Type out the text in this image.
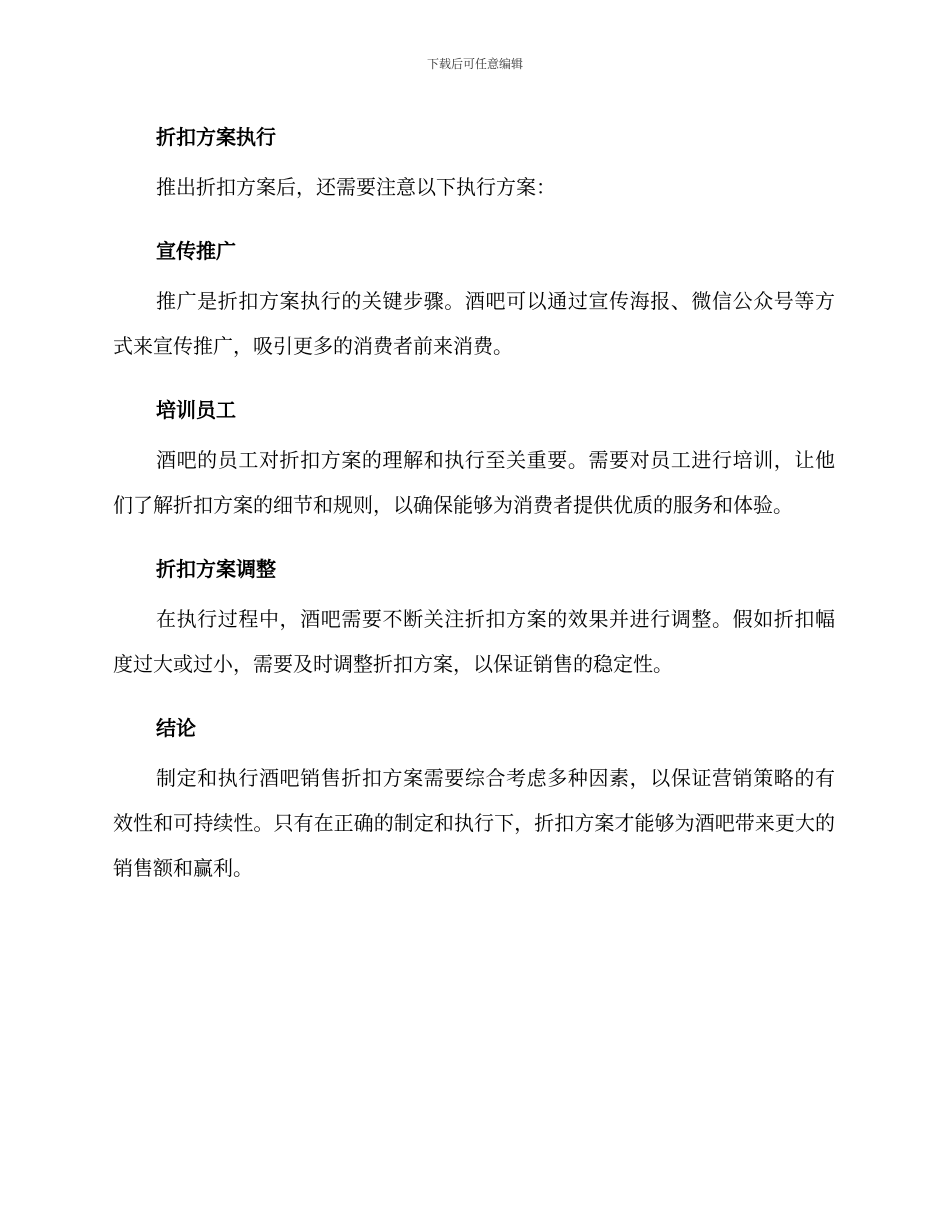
下载后可任意编辑
折扣方案执行

推出折扣方案后，还需要注意以下执行方案：

宣传推广

推广是折扣方案执行的关键步骤。酒吧可以通过宣传海报、微信公众号等方式来宣传推广，吸引更多的消费者前来消费。

培训员工

酒吧的员工对折扣方案的理解和执行至关重要。需要对员工进行培训，让他们了解折扣方案的细节和规则，以确保能够为消费者提供优质的服务和体验。

折扣方案调整

在执行过程中，酒吧需要不断关注折扣方案的效果并进行调整。假如折扣幅度过大或过小，需要及时调整折扣方案，以保证销售的稳定性。

结论

制定和执行酒吧销售折扣方案需要综合考虑多种因素，以保证营销策略的有效性和可持续性。只有在正确的制定和执行下，折扣方案才能够为酒吧带来更大的销售额和赢利。
